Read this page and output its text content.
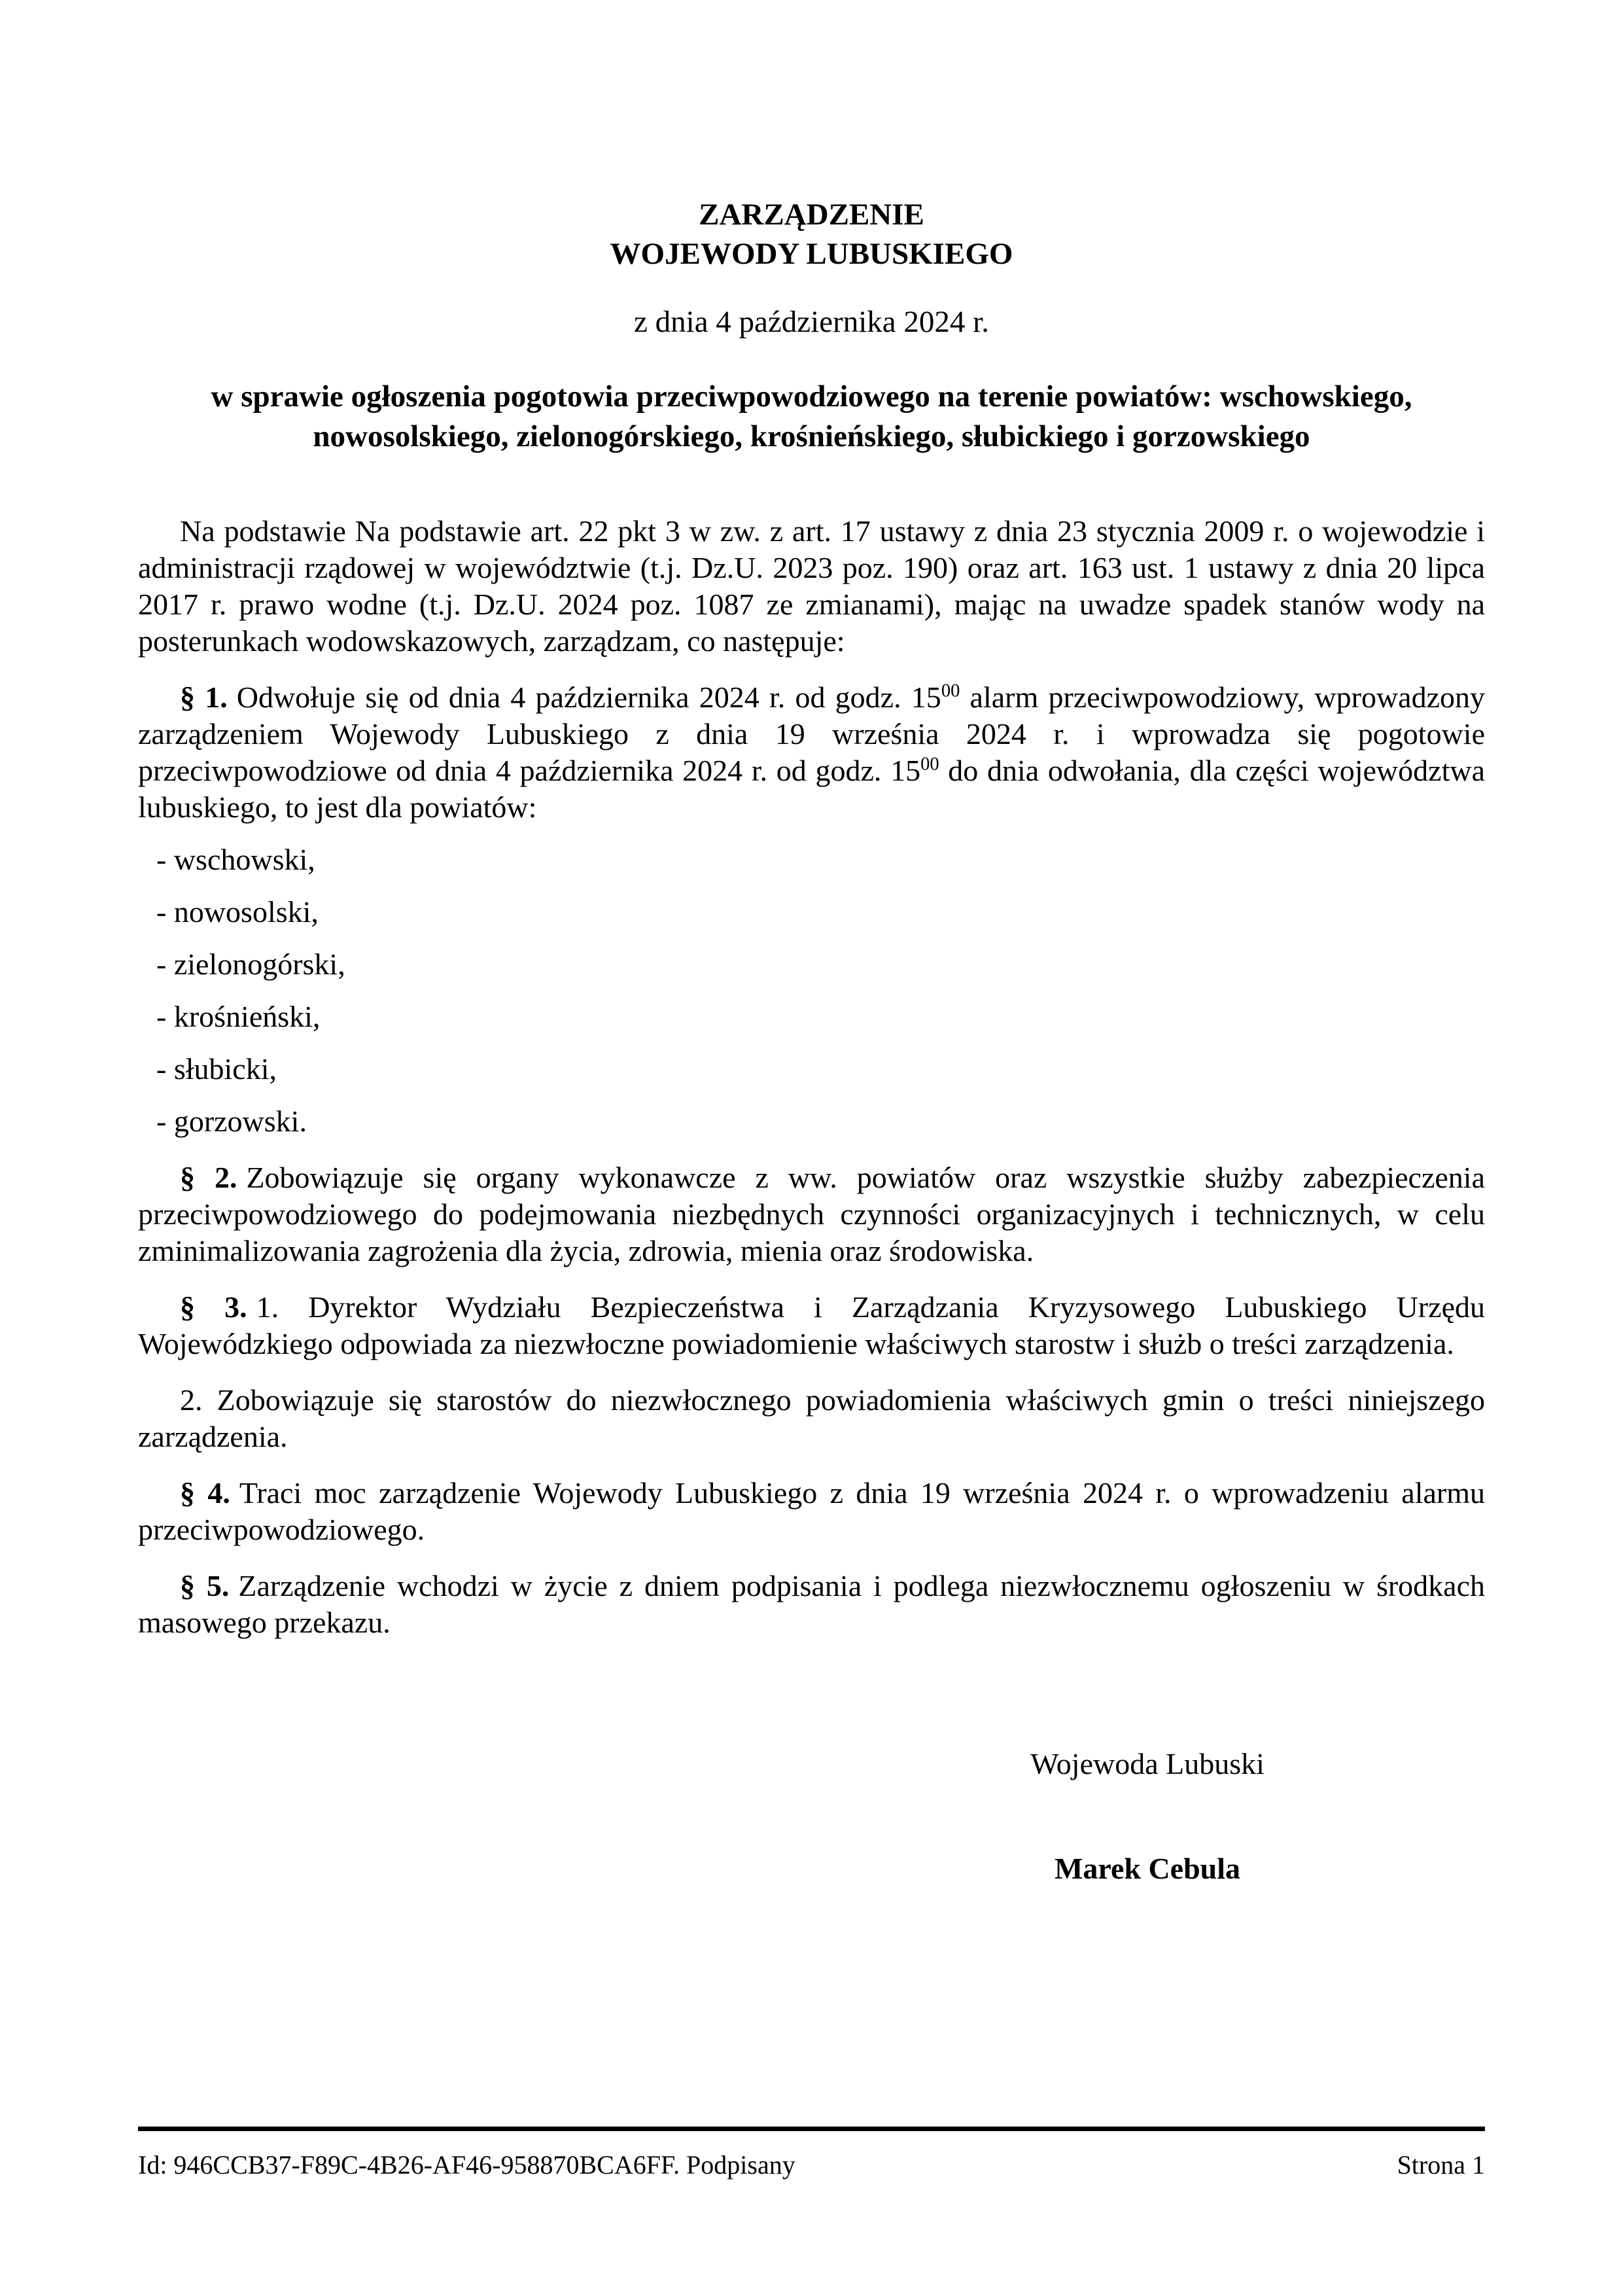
ZARZĄDZENIE
WOJEWODY LUBUSKIEGO
z dnia 4 października 2024 r.
w sprawie ogłoszenia pogotowia przeciwpowodziowego na terenie powiatów: wschowskiego, nowosolskiego, zielonogórskiego, krośnieńskiego, słubickiego i gorzowskiego

Na podstawie Na podstawie art. 22 pkt 3 w zw. z art. 17 ustawy z dnia 23 stycznia 2009 r. o wojewodzie i administracji rządowej w województwie (t.j. Dz.U. 2023 poz. 190) oraz art. 163 ust. 1 ustawy z dnia 20 lipca 2017 r. prawo wodne (t.j. Dz.U. 2024 poz. 1087 ze zmianami), mając na uwadze spadek stanów wody na posterunkach wodowskazowych, zarządzam, co następuje:

§ 1. Odwołuje się od dnia 4 października 2024 r. od godz. $15^{00}$ alarm przeciwpowodziowy, wprowadzony zarządzeniem Wojewody Lubuskiego z dnia 19 września 2024 r. i wprowadza się pogotowie przeciwpowodziowe od dnia 4 października 2024 r. od godz. $15^{00}$ do dnia odwołania, dla części województwa lubuskiego, to jest dla powiatów:

- wschowski,
- nowosolski,
- zielonogórski,
- krośnieński,
- słubicki,
- gorzowski.

§ 2. Zobowiązuje się organy wykonawcze z ww. powiatów oraz wszystkie służby zabezpieczenia przeciwpowodziowego do podejmowania niezbędnych czynności organizacyjnych i technicznych, w celu zminimalizowania zagrożenia dla życia, zdrowia, mienia oraz środowiska.

§ 3. 1. Dyrektor Wydziału Bezpieczeństwa i Zarządzania Kryzysowego Lubuskiego Urzędu Wojewódzkiego odpowiada za niezwłoczne powiadomienie właściwych starostw i służb o treści zarządzenia.

2. Zobowiązuje się starostów do niezwłocznego powiadomienia właściwych gmin o treści niniejszego zarządzenia.

§ 4. Traci moc zarządzenie Wojewody Lubuskiego z dnia 19 września 2024 r. o wprowadzeniu alarmu przeciwpowodziowego.

§ 5. Zarządzenie wchodzi w życie z dniem podpisania i podlega niezwłocznemu ogłoszeniu w środkach masowego przekazu.

Wojewoda Lubuski
Marek Cebula
Id: 946CCB37-F89C-4B26-AF46-958870BCA6FF. Podpisany	Strona 1
